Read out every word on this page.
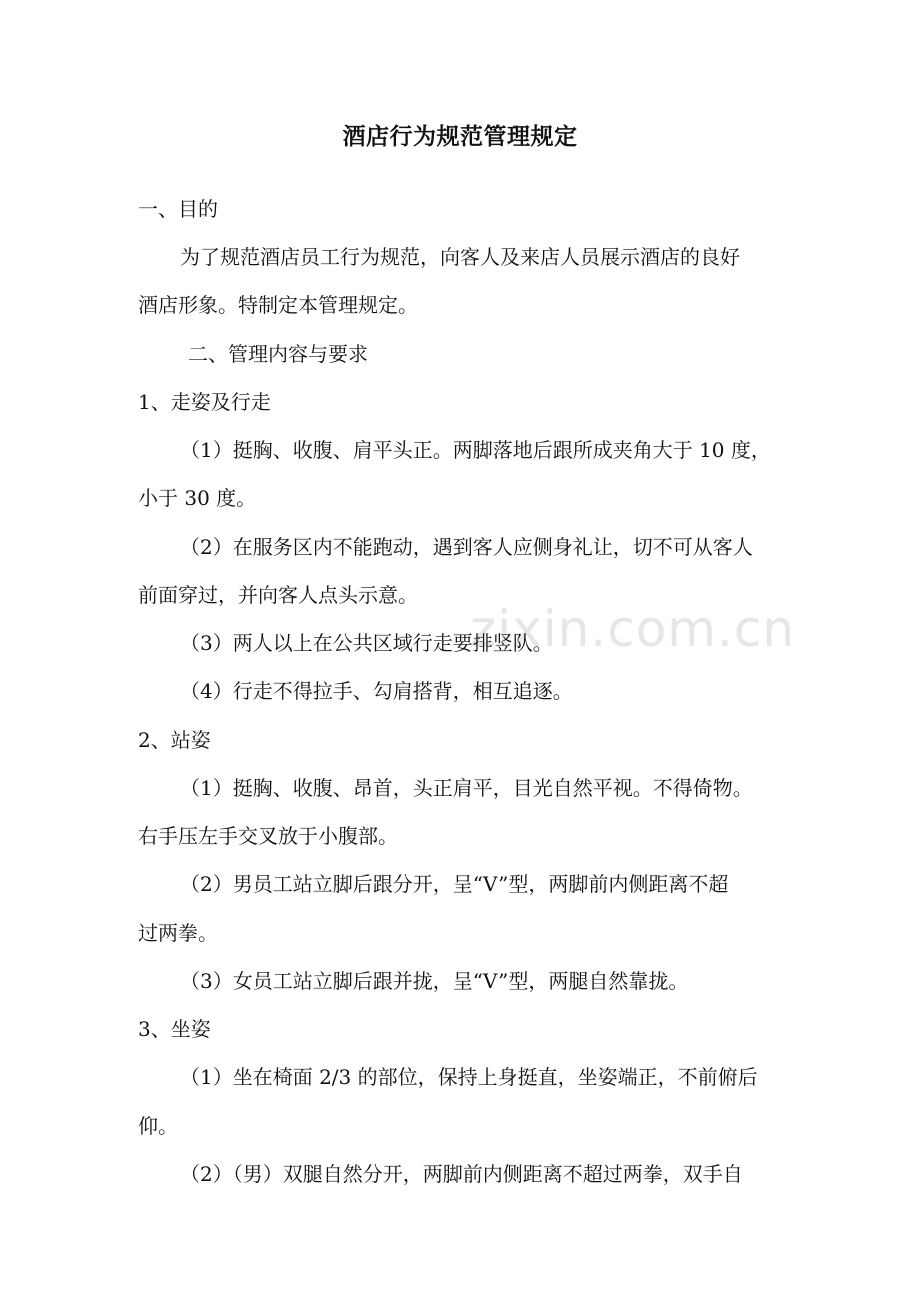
zixin.com.cn
酒店行为规范管理规定
一、目的
为了规范酒店员工行为规范，向客人及来店人员展示酒店的良好
酒店形象。特制定本管理规定。
二、管理内容与要求
1、走姿及行走
（1）挺胸、收腹、肩平头正。两脚落地后跟所成夹角大于 10 度，
小于 30 度。
（2）在服务区内不能跑动，遇到客人应侧身礼让，切不可从客人
前面穿过，并向客人点头示意。
（3）两人以上在公共区域行走要排竖队。
（4）行走不得拉手、勾肩搭背，相互追逐。
2、站姿
（1）挺胸、收腹、昂首，头正肩平，目光自然平视。不得倚物。
右手压左手交叉放于小腹部。
（2）男员工站立脚后跟分开，呈“V”型，两脚前内侧距离不超
过两拳。
（3）女员工站立脚后跟并拢，呈“V”型，两腿自然靠拢。
3、坐姿
（1）坐在椅面 2/3 的部位，保持上身挺直，坐姿端正，不前俯后
仰。
（2）（男）双腿自然分开，两脚前内侧距离不超过两拳，双手自
